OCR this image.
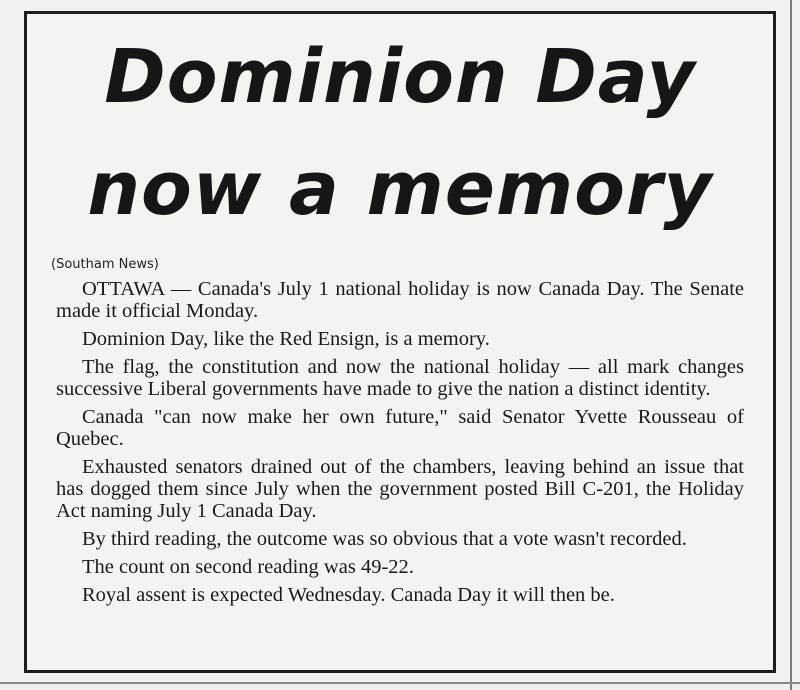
Dominion Day
now a memory
(Southam News)

OTTAWA — Canada's July 1 national holiday is now Canada Day. The Senate made it official Monday.

Dominion Day, like the Red Ensign, is a memory.

The flag, the constitution and now the national holiday — all mark changes successive Liberal governments have made to give the nation a distinct identity.

Canada "can now make her own future," said Senator Yvette Rousseau of Quebec.

Exhausted senators drained out of the chambers, leaving behind an issue that has dogged them since July when the government posted Bill C-201, the Holiday Act naming July 1 Canada Day.

By third reading, the outcome was so obvious that a vote wasn't recorded.

The count on second reading was 49-22.

Royal assent is expected Wednesday. Canada Day it will then be.
